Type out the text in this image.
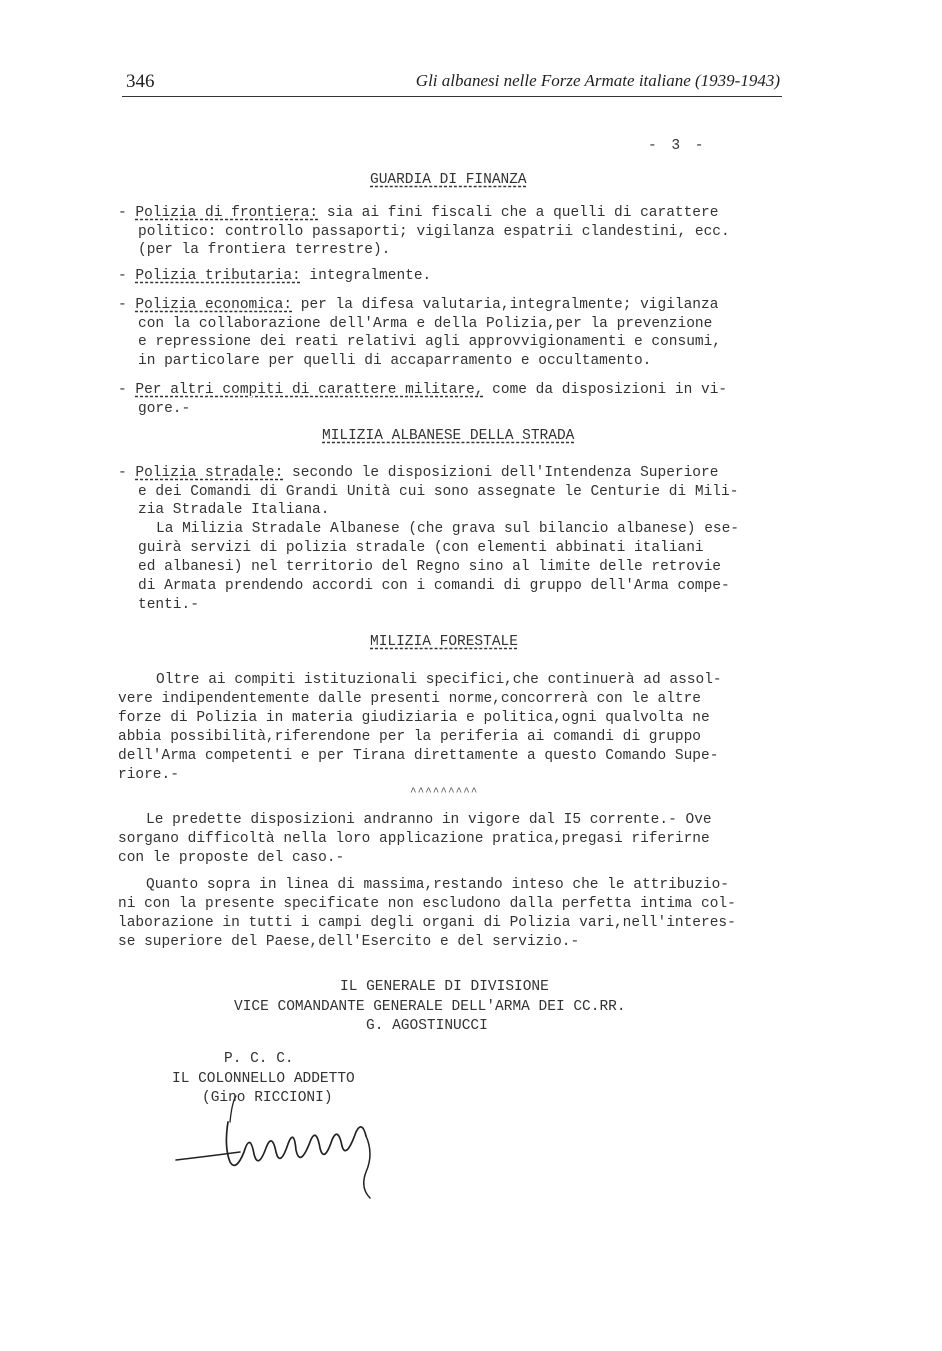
346	Gli albanesi nelle Forze Armate italiane (1939-1943)
- 3 -
GUARDIA DI FINANZA
- Polizia di frontiera: sia ai fini fiscali che a quelli di carattere
politico: controllo passaporti; vigilanza espatrii clandestini, ecc.
(per la frontiera terrestre).
- Polizia tributaria: integralmente.
- Polizia economica: per la difesa valutaria,integralmente; vigilanza
con la collaborazione dell'Arma e della Polizia,per la prevenzione
e repressione dei reati relativi agli approvvigionamenti e consumi,
in particolare per quelli di accaparramento e occultamento.
- Per altri compiti di carattere militare, come da disposizioni in vi-
gore.-
MILIZIA ALBANESE DELLA STRADA
- Polizia stradale: secondo le disposizioni dell'Intendenza Superiore
e dei Comandi di Grandi Unità cui sono assegnate le Centurie di Mili-
zia Stradale Italiana.
La Milizia Stradale Albanese (che grava sul bilancio albanese) ese-
guirà servizi di polizia stradale (con elementi abbinati italiani
ed albanesi) nel territorio del Regno sino al limite delle retrovie
di Armata prendendo accordi con i comandi di gruppo dell'Arma compe-
tenti.-
MILIZIA FORESTALE
Oltre ai compiti istituzionali specifici,che continuerà ad assol-
vere indipendentemente dalle presenti norme,concorrerà con le altre
forze di Polizia in materia giudiziaria e politica,ogni qualvolta ne
abbia possibilità,riferendone per la periferia ai comandi di gruppo
dell'Arma competenti e per Tirana direttamente a questo Comando Supe-
riore.-
^^^^^^^^^
Le predette disposizioni andranno in vigore dal I5 corrente.- Ove
sorgano difficoltà nella loro applicazione pratica,pregasi riferirne
con le proposte del caso.-
Quanto sopra in linea di massima,restando inteso che le attribuzio-
ni con la presente specificate non escludono dalla perfetta intima col-
laborazione in tutti i campi degli organi di Polizia vari,nell'interes-
se superiore del Paese,dell'Esercito e del servizio.-
IL GENERALE DI DIVISIONE
VICE COMANDANTE GENERALE DELL'ARMA DEI CC.RR.
G. AGOSTINUCCI
P. C. C.
IL COLONNELLO ADDETTO
(Gino RICCIONI)
